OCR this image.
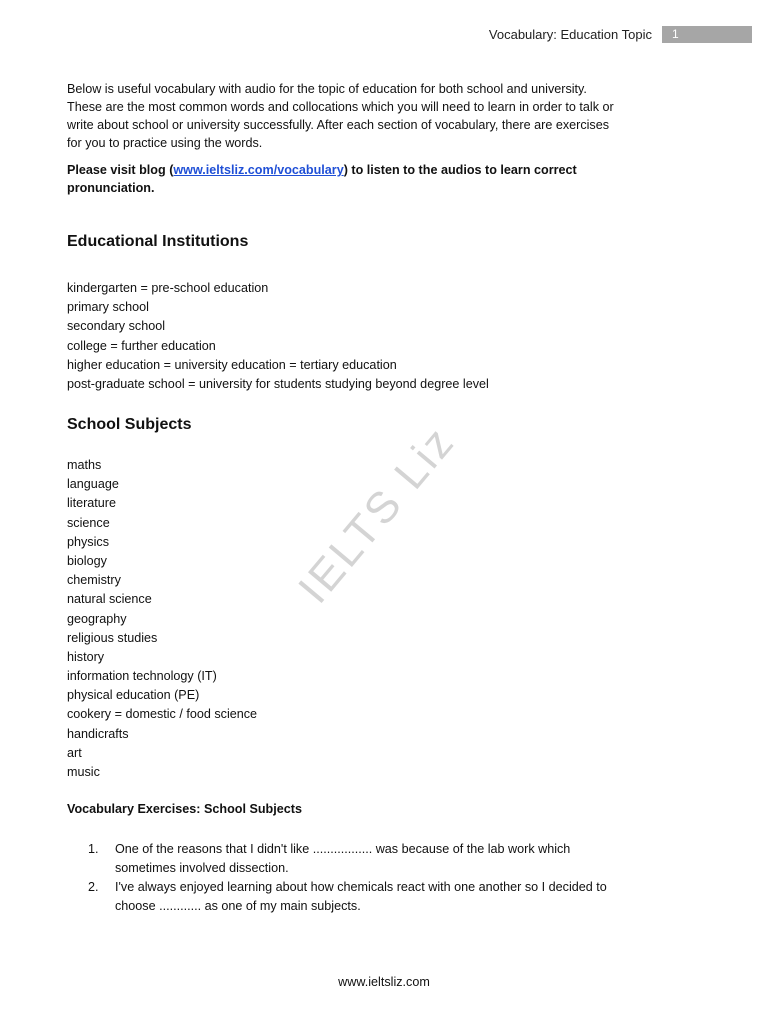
Vocabulary: Education Topic	1

Below is useful vocabulary with audio for the topic of education for both school and university.

These are the most common words and collocations which you will need to learn in order to talk or

write about school or university successfully. After each section of vocabulary, there are exercises

for you to practice using the words.

Please visit blog (www.ieltsliz.com/vocabulary) to listen to the audios to learn correct
pronunciation.
Educational Institutions
kindergarten = pre-school education
primary school
secondary school
college = further education
higher education = university education = tertiary education
post-graduate school = university for students studying beyond degree level
School Subjects
maths
language
literature
science
physics
biology
chemistry
natural science
geography
religious studies
history
information technology (IT)
physical education (PE)
cookery = domestic / food science
handicrafts
art
music
IELTS Liz
Vocabulary Exercises: School Subjects
1.	One of the reasons that I didn't like ................. was because of the lab work which
sometimes involved dissection.
2.	I've always enjoyed learning about how chemicals react with one another so I decided to
choose ............ as one of my main subjects.
www.ieltsliz.com
